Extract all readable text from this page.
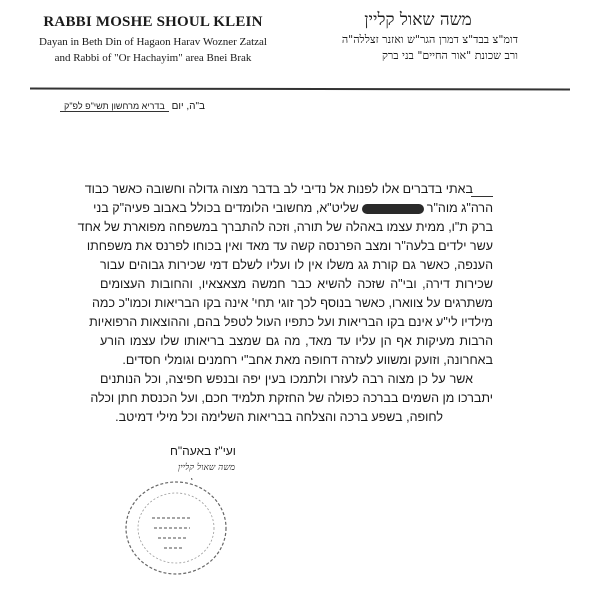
RABBI MOSHE SHOUL KLEIN
Dayan in Beth Din of Hagaon Harav Wozner Zatzal
and Rabbi of "Or Hachayim" area Bnei Brak
משה שאול קליין
דומ"צ בבד"צ דמרן הגר"ש ואזנר זצללה"ה
ורב שכונת "אור החיים" בני ברק
ב"ה, יום בדריא מרחשון תשי"פ לפ"ק
באתי בדברים אלו לפנות אל נדיבי לב בדבר מצוה גדולה וחשובה כאשר כבוד
הרה"ג מוה"רשליט"א, מחשובי הלומדים בכולל באבוב פעיה"ק בני
ברק ת"ו, ממית עצמו באהלה של תורה, וזכה להתברך במשפחה מפוארת של אחד
עשר ילדים בלעה"ר ומצב הפרנסה קשה עד מאד ואין בכוחו לפרנס את משפחתו
הענפה, כאשר גם קורת גג משלו אין לו ועליו לשלם דמי שכירות גבוהים עבור
שכירות דירה, ובי"ה שזכה להשיא כבר חמשה מצאצאיו, והחובות העצומים
משתרגים על צווארו, כאשר בנוסף לכך זוגי תחי' אינה בקו הבריאות וכמו"כ כמה
מילדיו לי"ע אינם בקו הבריאות ועל כתפיו העול לטפל בהם, וההוצאות הרפואיות
הרבות מעיקות אף הן עליו עד מאד, מה גם שמצב בריאותו שלו עצמו הורע
באחרונה, וזועק ומשווע לעזרה דחופה מאת אחב"י רחמנים וגומלי חסדים.
אשר על כן מצוה רבה לעזרו ולתמכו בעין יפה ובנפש חפיצה, וכל הנותנים
יתברכו מן השמים בברכה כפולה של החזקת תלמיד חכם, ועל הכנסת חתן וכלה
לחופה, בשפע ברכה והצלחה בבריאות השלימה וכל מילי דמיטב.
ועי"ז באעה"ח
משה שאול קליין
